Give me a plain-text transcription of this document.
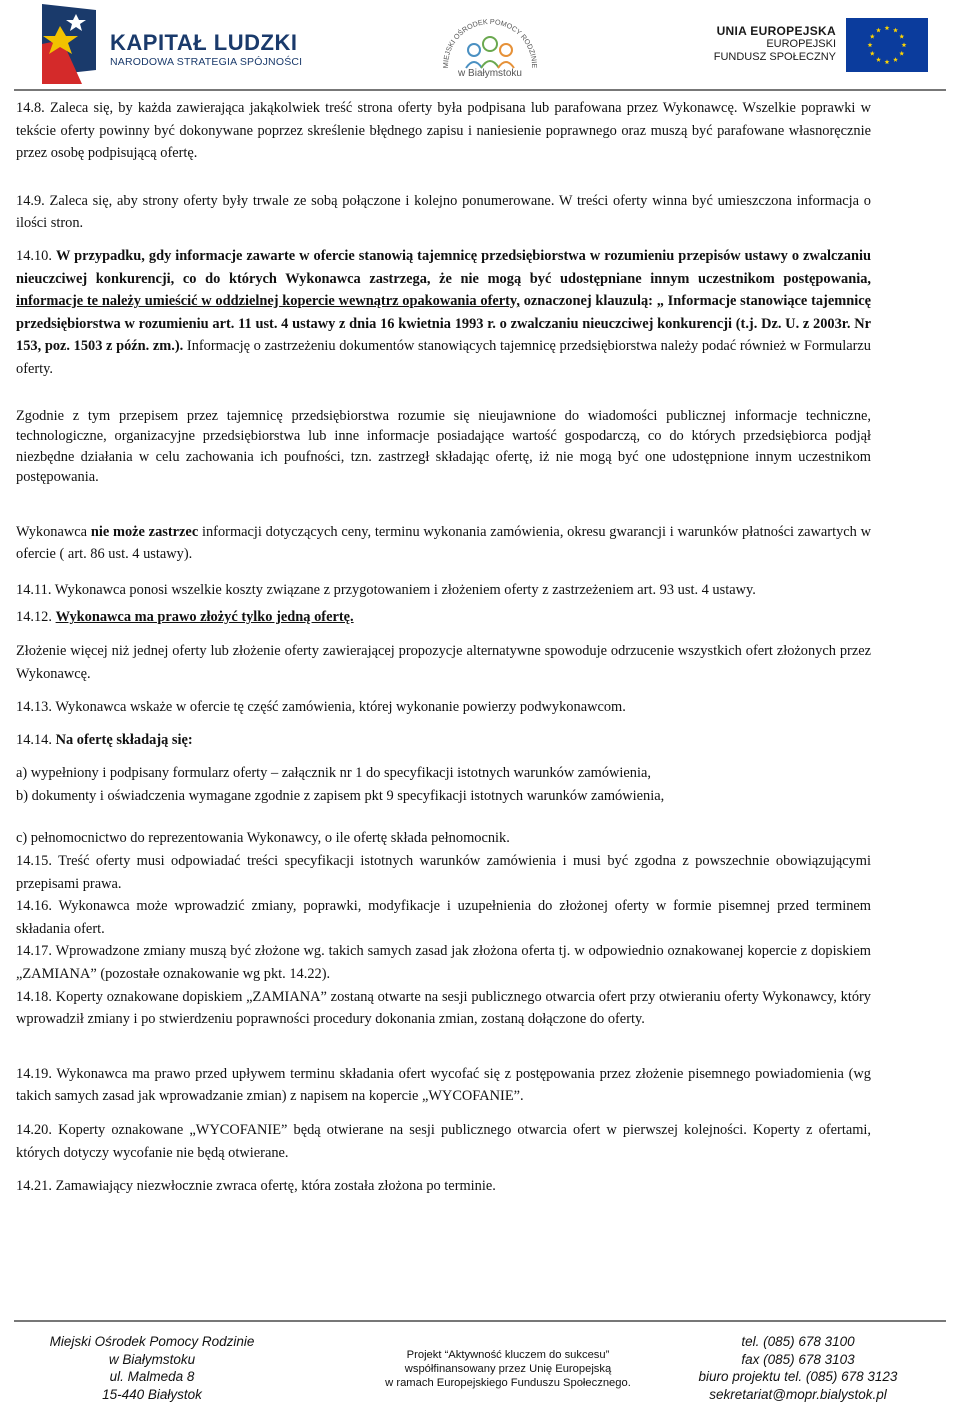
KAPITAŁ LUDZKI
NARODOWA STRATEGIA SPÓJNOŚCI	MIEJSKI OŚRODEK POMOCY RODZINIE
w Białymstoku
UNIA EUROPEJSKA
EUROPEJSKI
FUNDUSZ SPOŁECZNY

14.8. Zaleca się, by każda zawierająca jakąkolwiek treść strona oferty była podpisana lub parafowana przez Wykonawcę. Wszelkie poprawki w tekście oferty powinny być dokonywane poprzez skreślenie błędnego zapisu i naniesienie poprawnego oraz muszą być parafowane własnoręcznie przez osobę podpisującą ofertę.

14.9. Zaleca się, aby strony oferty były trwale ze sobą połączone i kolejno ponumerowane. W treści oferty winna być umieszczona informacja o ilości stron.

14.10. W przypadku, gdy informacje zawarte w ofercie stanowią tajemnicę przedsiębiorstwa w rozumieniu przepisów ustawy o zwalczaniu nieuczciwej konkurencji, co do których Wykonawca zastrzega, że nie mogą być udostępniane innym uczestnikom postępowania, informacje te należy umieścić w oddzielnej kopercie wewnątrz opakowania oferty, oznaczonej klauzulą: „ Informacje stanowiące tajemnicę przedsiębiorstwa w rozumieniu art. 11 ust. 4 ustawy z dnia 16 kwietnia 1993 r. o zwalczaniu nieuczciwej konkurencji (t.j. Dz. U. z 2003r. Nr 153, poz. 1503 z późn. zm.). Informację o zastrzeżeniu dokumentów stanowiących tajemnicę przedsiębiorstwa należy podać również w Formularzu oferty.

Zgodnie z tym przepisem przez tajemnicę przedsiębiorstwa rozumie się nieujawnione do wiadomości publicznej informacje techniczne, technologiczne, organizacyjne przedsiębiorstwa lub inne informacje posiadające wartość gospodarczą, co do których przedsiębiorca podjął niezbędne działania w celu zachowania ich poufności, tzn. zastrzegł składając ofertę, iż nie mogą być one udostępnione innym uczestnikom postępowania.

Wykonawca nie może zastrzec informacji dotyczących ceny, terminu wykonania zamówienia, okresu gwarancji i warunków płatności zawartych w ofercie ( art. 86 ust. 4 ustawy).

14.11. Wykonawca ponosi wszelkie koszty związane z przygotowaniem i złożeniem oferty z zastrzeżeniem art. 93 ust. 4 ustawy.

14.12. Wykonawca ma prawo złożyć tylko jedną ofertę.

Złożenie więcej niż jednej oferty lub złożenie oferty zawierającej propozycje alternatywne spowoduje odrzucenie wszystkich ofert złożonych przez Wykonawcę.

14.13. Wykonawca wskaże w ofercie tę część zamówienia, której wykonanie powierzy podwykonawcom.

14.14. Na ofertę składają się:

a) wypełniony i podpisany formularz oferty – załącznik nr 1 do specyfikacji istotnych warunków zamówienia,

b) dokumenty i oświadczenia wymagane zgodnie z zapisem pkt 9 specyfikacji istotnych warunków zamówienia,

c) pełnomocnictwo do reprezentowania Wykonawcy, o ile ofertę składa pełnomocnik.

14.15. Treść oferty musi odpowiadać treści specyfikacji istotnych warunków zamówienia i musi być zgodna z powszechnie obowiązującymi przepisami prawa.

14.16. Wykonawca może wprowadzić zmiany, poprawki, modyfikacje i uzupełnienia do złożonej oferty w formie pisemnej przed terminem składania ofert.

14.17. Wprowadzone zmiany muszą być złożone wg. takich samych zasad jak złożona oferta tj. w odpowiednio oznakowanej kopercie z dopiskiem „ZAMIANA” (pozostałe oznakowanie wg pkt. 14.22).

14.18. Koperty oznakowane dopiskiem „ZAMIANA” zostaną otwarte na sesji publicznego otwarcia ofert przy otwieraniu oferty Wykonawcy, który wprowadził zmiany i po stwierdzeniu poprawności procedury dokonania zmian, zostaną dołączone do oferty.

14.19. Wykonawca ma prawo przed upływem terminu składania ofert wycofać się z postępowania przez złożenie pisemnego powiadomienia (wg takich samych zasad jak wprowadzanie zmian) z napisem na kopercie „WYCOFANIE”.

14.20. Koperty oznakowane „WYCOFANIE” będą otwierane na sesji publicznego otwarcia ofert w pierwszej kolejności. Koperty z ofertami, których dotyczy wycofanie nie będą otwierane.

14.21. Zamawiający niezwłocznie zwraca ofertę, która została złożona po terminie.

Miejski Ośrodek Pomocy Rodzinie
w Białymstoku
ul. Malmeda 8
15-440 Białystok
Projekt “Aktywność kluczem do sukcesu”
współfinansowany przez Unię Europejską
w ramach Europejskiego Funduszu Społecznego.
tel. (085) 678 3100
fax (085) 678 3103
biuro projektu tel. (085) 678 3123
sekretariat@mopr.bialystok.pl
